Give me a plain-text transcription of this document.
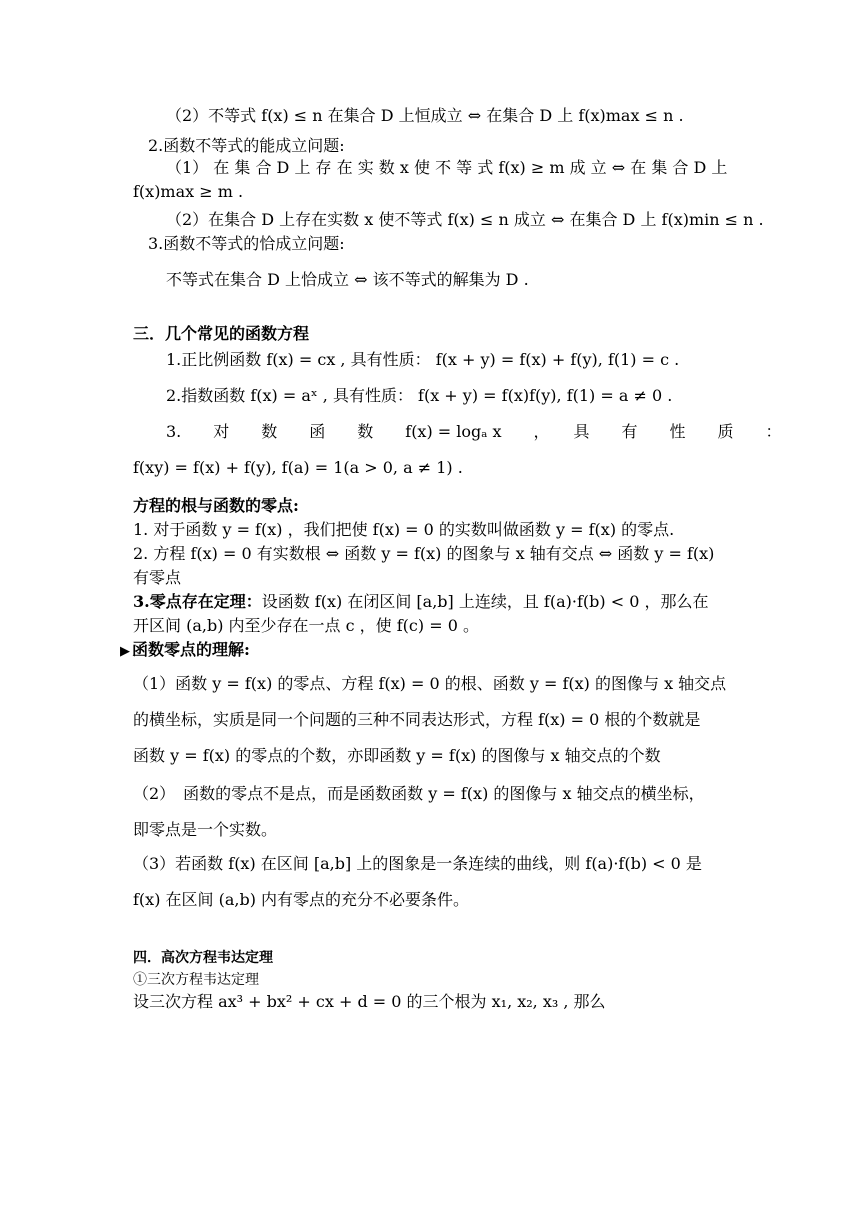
（2）不等式 f(x) ≤ n 在集合 D 上恒成立 ⇔ 在集合 D 上 f(x)max ≤ n .
2.函数不等式的能成立问题:
（1） 在 集 合 D 上 存 在 实 数 x 使 不 等 式 f(x) ≥ m 成 立 ⇔ 在 集 合 D 上
f(x)max ≥ m .
（2）在集合 D 上存在实数 x 使不等式 f(x) ≤ n 成立 ⇔ 在集合 D 上 f(x)min ≤ n .
3.函数不等式的恰成立问题:
不等式在集合 D 上恰成立 ⇔ 该不等式的解集为 D .
三．几个常见的函数方程
1.正比例函数 f(x) = cx , 具有性质： f(x + y) = f(x) + f(y), f(1) = c .
2.指数函数 f(x) = aˣ , 具有性质： f(x + y) = f(x)f(y), f(1) = a ≠ 0 .
3.　　对　　数　　函　　数　　f(x) = logₐ x　　，　　具　　有　　性　　质　　：
f(xy) = f(x) + f(y), f(a) = 1(a > 0, a ≠ 1) .
方程的根与函数的零点:
1. 对于函数 y = f(x) ，我们把使 f(x) = 0 的实数叫做函数 y = f(x) 的零点.
2. 方程 f(x) = 0 有实数根 ⇔ 函数 y = f(x) 的图象与 x 轴有交点 ⇔ 函数 y = f(x)
有零点
3.零点存在定理：设函数 f(x) 在闭区间 [a,b] 上连续，且 f(a)·f(b) < 0 ，那么在
开区间 (a,b) 内至少存在一点 c ，使 f(c) = 0 。
▶ 函数零点的理解:
（1）函数 y = f(x) 的零点、方程 f(x) = 0 的根、函数 y = f(x) 的图像与 x 轴交点
的横坐标，实质是同一个问题的三种不同表达形式，方程 f(x) = 0 根的个数就是
函数 y = f(x) 的零点的个数，亦即函数 y = f(x) 的图像与 x 轴交点的个数
（2）　函数的零点不是点，而是函数函数 y = f(x) 的图像与 x 轴交点的横坐标，
即零点是一个实数。
（3）若函数 f(x) 在区间 [a,b] 上的图象是一条连续的曲线，则 f(a)·f(b) < 0 是
f(x) 在区间 (a,b) 内有零点的充分不必要条件。
四．高次方程韦达定理
①三次方程韦达定理
设三次方程 ax³ + bx² + cx + d = 0 的三个根为 x₁, x₂, x₃ , 那么
